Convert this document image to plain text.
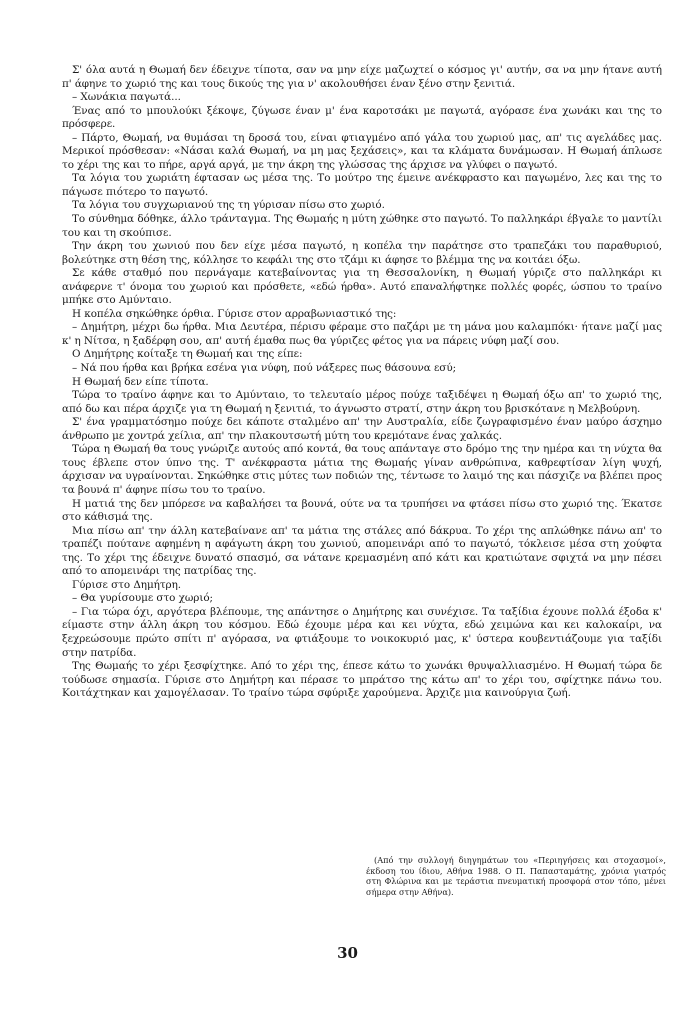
Σ' όλα αυτά η Θωμαή δεν έδειχνε τίποτα, σαν να μην είχε μαζωχτεί ο κόσμος γι' αυτήν, σα να μην ήτανε αυτή π' άφηνε το χωριό της και τους δικούς της για ν' ακολουθήσει έναν ξένο στην ξενιτιά.

– Χωνάκια παγωτά...

Ένας από το μπουλούκι ξέκοψε, ζύγωσε έναν μ' ένα καροτσάκι με παγωτά, αγόρασε ένα χωνάκι και της το πρόσφερε.

– Πάρτο, Θωμαή, να θυμάσαι τη δροσά του, είναι φτιαγμένο από γάλα του χωριού μας, απ' τις αγελάδες μας. Μερικοί πρόσθεσαν: «Νάσαι καλά Θωμαή, να μη μας ξεχάσεις», και τα κλάματα δυνάμωσαν. Η Θωμαή άπλωσε το χέρι της και το πήρε, αργά αργά, με την άκρη της γλώσσας της άρχισε να γλύφει ο παγωτό.

Τα λόγια του χωριάτη έφτασαν ως μέσα της. Το μούτρο της έμεινε ανέκφραστο και παγωμένο, λες και της το πάγωσε πιότερο το παγωτό.

Τα λόγια του συγχωριανού της τη γύρισαν πίσω στο χωριό.

Το σύνθημα δόθηκε, άλλο τράνταγμα. Της Θωμαής η μύτη χώθηκε στο παγωτό. Το παλληκάρι έβγαλε το μαντίλι του και τη σκούπισε.

Την άκρη του χωνιού που δεν είχε μέσα παγωτό, η κοπέλα την παράτησε στο τραπεζάκι του παραθυριού, βολεύτηκε στη θέση της, κόλλησε το κεφάλι της στο τζάμι κι άφησε το βλέμμα της να κοιτάει όξω.

Σε κάθε σταθμό που περνάγαμε κατεβαίνοντας για τη Θεσσαλονίκη, η Θωμαή γύριζε στο παλληκάρι κι ανάφερνε τ' όνομα του χωριού και πρόσθετε, «εδώ ήρθα». Αυτό επαναλήφτηκε πολλές φορές, ώσπου το τραίνο μπήκε στο Αμύνταιο.

Η κοπέλα σηκώθηκε όρθια. Γύρισε στον αρραβωνιαστικό της:

– Δημήτρη, μέχρι δω ήρθα. Μια Δευτέρα, πέρισυ φέραμε στο παζάρι με τη μάνα μου καλαμπόκι· ήτανε μαζί μας κ' η Νίτσα, η ξαδέρφη σου, απ' αυτή έμαθα πως θα γύριζες φέτος για να πάρεις νύφη μαζί σου.

Ο Δημήτρης κοίταξε τη Θωμαή και της είπε:

– Νά που ήρθα και βρήκα εσένα για νύφη, πού νάξερες πως θάσουνα εσύ;

Η Θωμαή δεν είπε τίποτα.

Τώρα το τραίνο άφηνε και το Αμύνταιο, το τελευταίο μέρος πούχε ταξιδέψει η Θωμαή όξω απ' το χωριό της, από δω και πέρα άρχιζε για τη Θωμαή η ξενιτιά, το άγνωστο στρατί, στην άκρη του βρισκότανε η Μελβούρνη.

Σ' ένα γραμματόσημο πούχε δει κάποτε σταλμένο απ' την Αυστραλία, είδε ζωγραφισμένο έναν μαύρο άσχημο άνθρωπο με χοντρά χείλια, απ' την πλακουτσωτή μύτη του κρεμότανε ένας χαλκάς.

Τώρα η Θωμαή θα τους γνώριζε αυτούς από κοντά, θα τους απάνταγε στο δρόμο της την ημέρα και τη νύχτα θα τους έβλεπε στον ύπνο της. Τ' ανέκφραστα μάτια της Θωμαής γίναν ανθρώπινα, καθρεφτίσαν λίγη ψυχή, άρχισαν να υγραίνονται. Σηκώθηκε στις μύτες των ποδιών της, τέντωσε το λαιμό της και πάσχιζε να βλέπει προς τα βουνά π' άφηνε πίσω του το τραίνο.

Η ματιά της δεν μπόρεσε να καβαλήσει τα βουνά, ούτε να τα τρυπήσει να φτάσει πίσω στο χωριό της. Έκατσε στο κάθισμά της.

Μια πίσω απ' την άλλη κατεβαίνανε απ' τα μάτια της στάλες από δάκρυα. Το χέρι της απλώθηκε πάνω απ' το τραπέζι πούτανε αφημένη η αφάγωτη άκρη του χωνιού, απομεινάρι από το παγωτό, τόκλεισε μέσα στη χούφτα της. Το χέρι της έδειχνε δυνατό σπασμό, σα νάτανε κρεμασμένη από κάτι και κρατιώτανε σφιχτά να μην πέσει από το απομεινάρι της πατρίδας της.

Γύρισε στο Δημήτρη.

– Θα γυρίσουμε στο χωριό;

– Για τώρα όχι, αργότερα βλέπουμε, της απάντησε ο Δημήτρης και συνέχισε. Τα ταξίδια έχουνε πολλά έξοδα κ' είμαστε στην άλλη άκρη του κόσμου. Εδώ έχουμε μέρα και κει νύχτα, εδώ χειμώνα και κει καλοκαίρι, να ξεχρεώσουμε πρώτο σπίτι π' αγόρασα, να φτιάξουμε το νοικοκυριό μας, κ' ύστερα κουβεντιάζουμε για ταξίδι στην πατρίδα.

Της Θωμαής το χέρι ξεσφίχτηκε. Από το χέρι της, έπεσε κάτω το χωνάκι θρυψαλλιασμένο. Η Θωμαή τώρα δε τούδωσε σημασία. Γύρισε στο Δημήτρη και πέρασε το μπράτσο της κάτω απ' το χέρι του, σφίχτηκε πάνω του. Κοιτάχτηκαν και χαμογέλασαν. Το τραίνο τώρα σφύριξε χαρούμενα. Άρχιζε μια καινούργια ζωή.

(Από την συλλογή διηγημάτων του «Περιηγήσεις και στοχασμοί», έκδοση του ίδιου, Αθήνα 1988. Ο Π. Παπασταμάτης, χρόνια γιατρός στη Φλώρινα και με τεράστια πνευματική προσφορά στον τόπο, μένει σήμερα στην Αθήνα).

30
